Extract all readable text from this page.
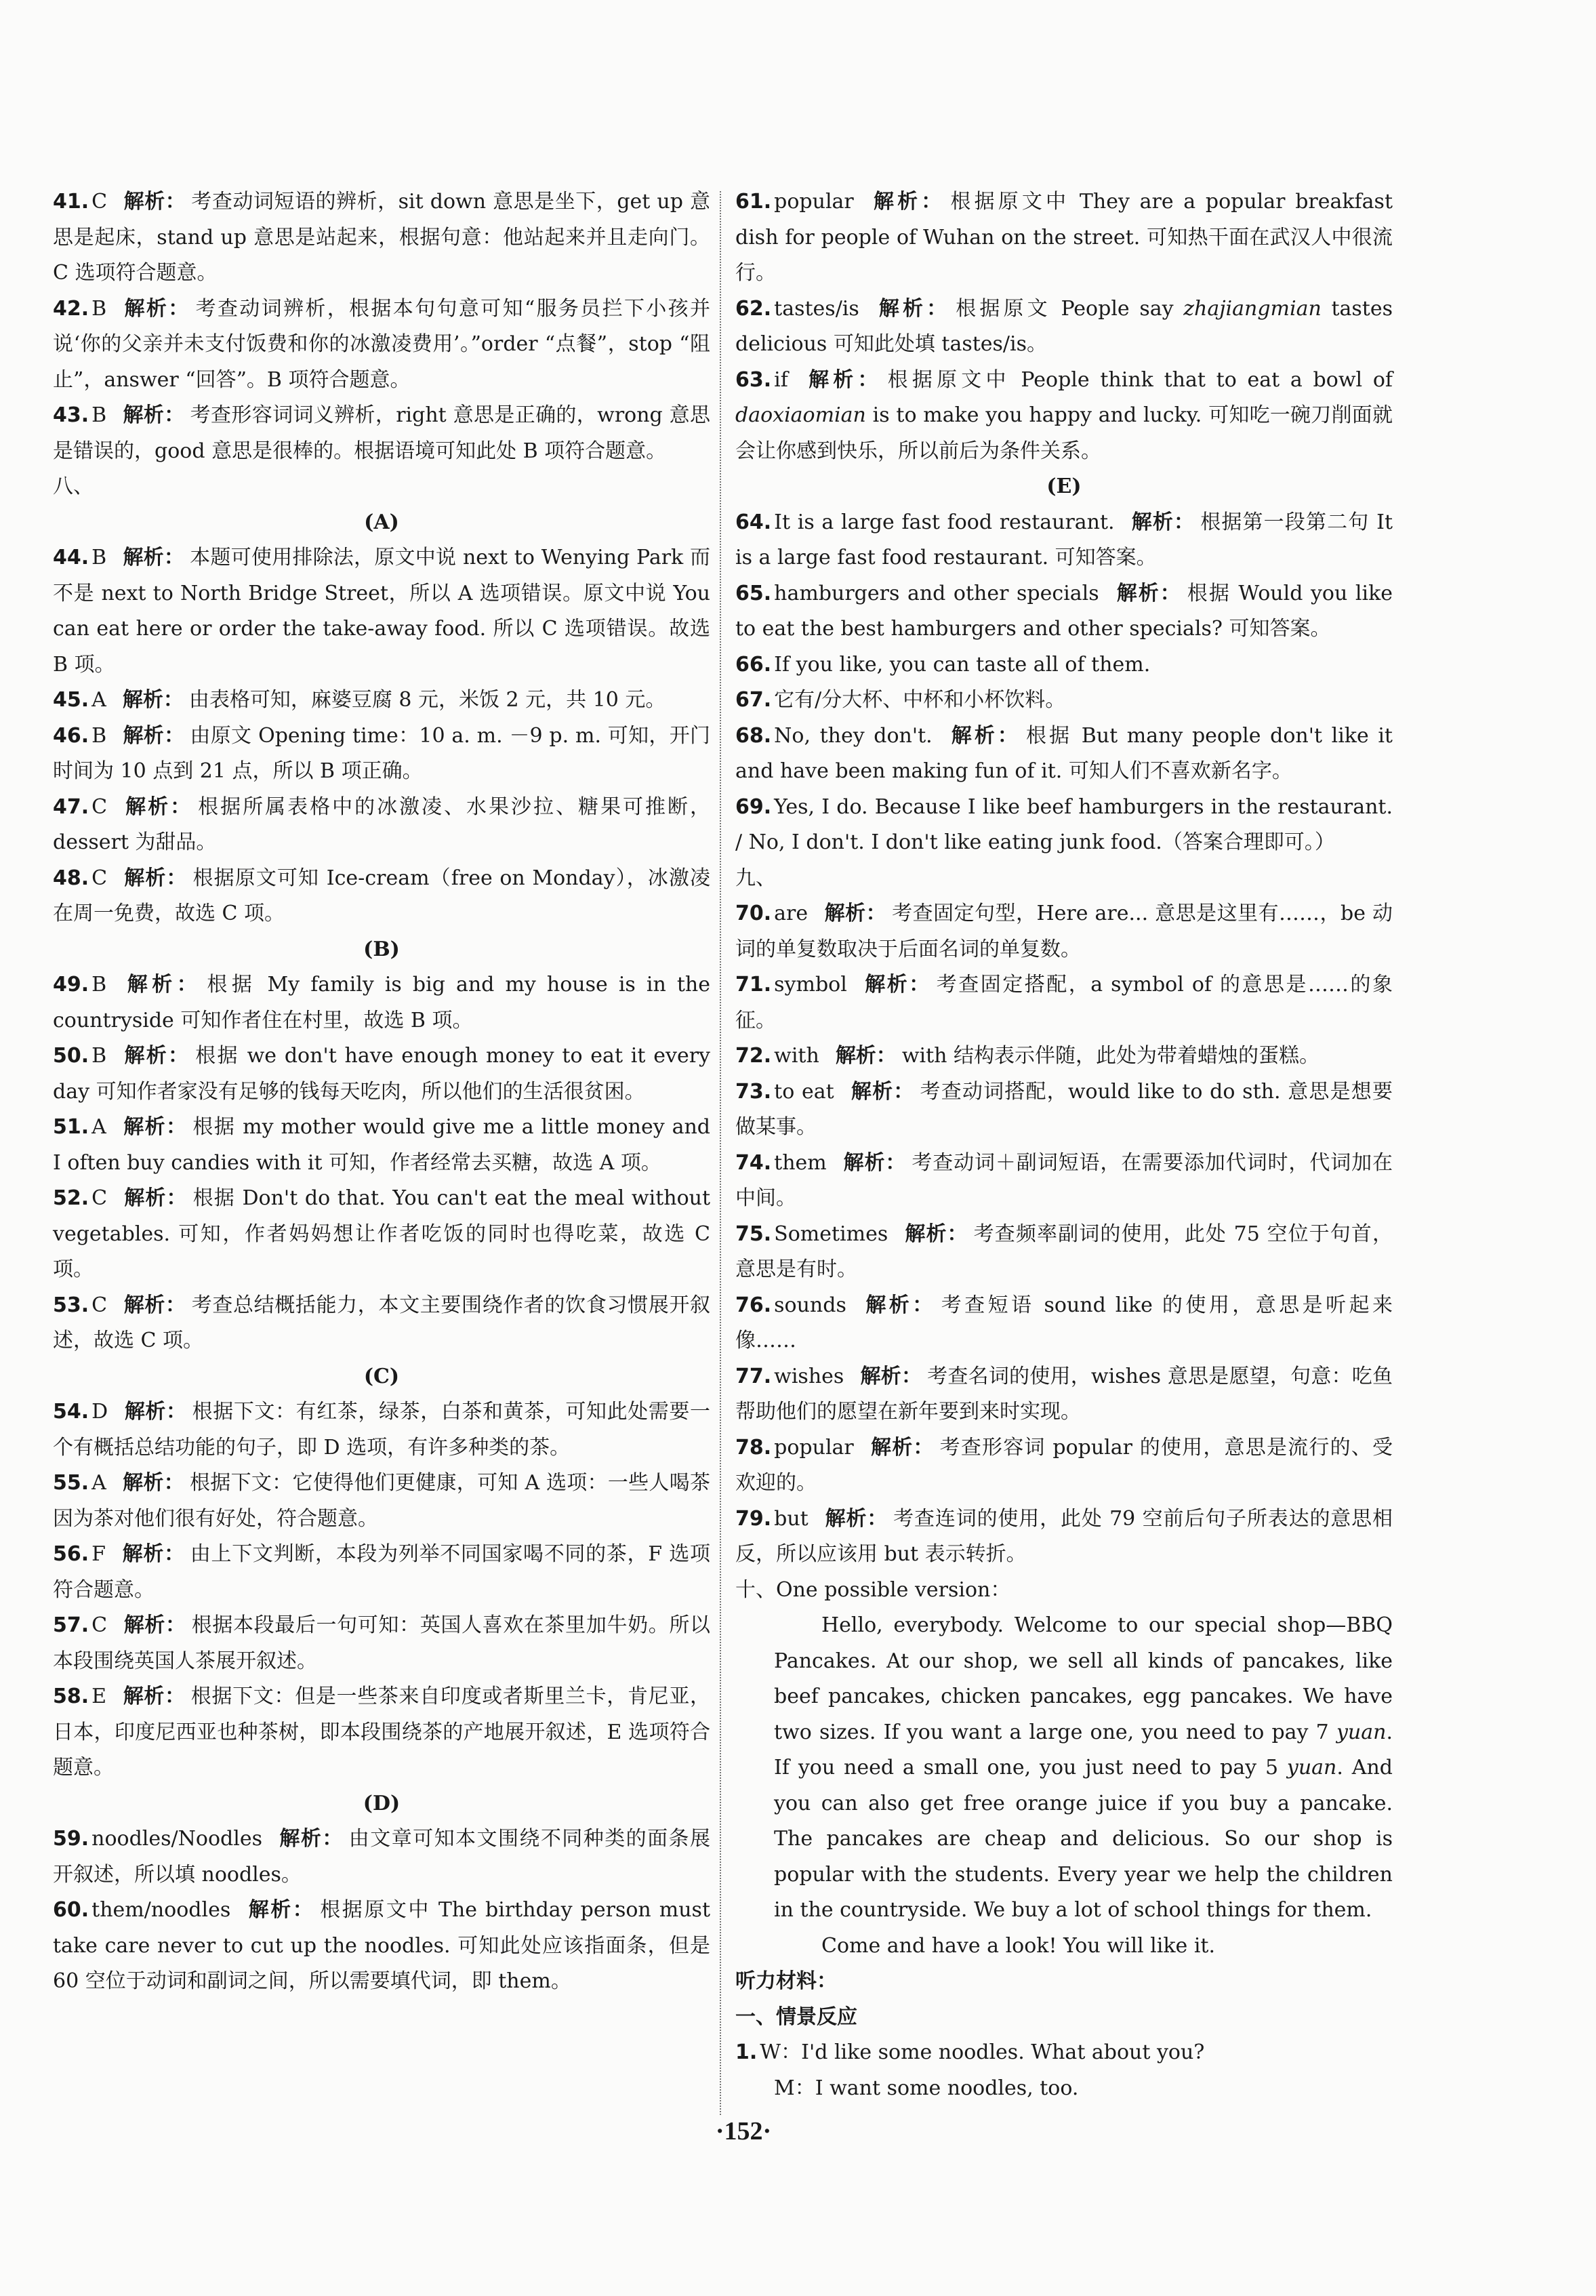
41. C 解析： 考查动词短语的辨析，sit down 意思是坐下，get up 意思是起床，stand up 意思是站起来，根据句意：他站起来并且走向门。C 选项符合题意。
42. B 解析： 考查动词辨析，根据本句句意可知“服务员拦下小孩并说‘你的父亲并未支付饭费和你的冰激凌费用’。”order “点餐”，stop “阻止”，answer “回答”。B 项符合题意。
43. B 解析： 考查形容词词义辨析，right 意思是正确的，wrong 意思是错误的，good 意思是很棒的。根据语境可知此处 B 项符合题意。
八、
(A)
44. B 解析： 本题可使用排除法，原文中说 next to Wenying Park 而不是 next to North Bridge Street，所以 A 选项错误。原文中说 You can eat here or order the take-away food. 所以 C 选项错误。故选 B 项。
45. A 解析： 由表格可知，麻婆豆腐 8 元，米饭 2 元，共 10 元。
46. B 解析： 由原文 Opening time：10 a. m. －9 p. m. 可知，开门时间为 10 点到 21 点，所以 B 项正确。
47. C 解析： 根据所属表格中的冰激凌、水果沙拉、糖果可推断，dessert 为甜品。
48. C 解析： 根据原文可知 Ice-cream（free on Monday），冰激凌在周一免费，故选 C 项。
(B)
49. B 解析： 根据 My family is big and my house is in the countryside 可知作者住在村里，故选 B 项。
50. B 解析： 根据 we don't have enough money to eat it every day 可知作者家没有足够的钱每天吃肉，所以他们的生活很贫困。
51. A 解析： 根据 my mother would give me a little money and I often buy candies with it 可知，作者经常去买糖，故选 A 项。
52. C 解析： 根据 Don't do that. You can't eat the meal without vegetables. 可知，作者妈妈想让作者吃饭的同时也得吃菜，故选 C 项。
53. C 解析： 考查总结概括能力，本文主要围绕作者的饮食习惯展开叙述，故选 C 项。
(C)
54. D 解析： 根据下文：有红茶，绿茶，白茶和黄茶，可知此处需要一个有概括总结功能的句子，即 D 选项，有许多种类的茶。
55. A 解析： 根据下文：它使得他们更健康，可知 A 选项：一些人喝茶因为茶对他们很有好处，符合题意。
56. F 解析： 由上下文判断，本段为列举不同国家喝不同的茶，F 选项符合题意。
57. C 解析： 根据本段最后一句可知：英国人喜欢在茶里加牛奶。所以本段围绕英国人茶展开叙述。
58. E 解析： 根据下文：但是一些茶来自印度或者斯里兰卡，肯尼亚，日本，印度尼西亚也种茶树，即本段围绕茶的产地展开叙述，E 选项符合题意。
(D)
59. noodles/Noodles 解析： 由文章可知本文围绕不同种类的面条展开叙述，所以填 noodles。
60. them/noodles 解析： 根据原文中 The birthday person must take care never to cut up the noodles. 可知此处应该指面条，但是 60 空位于动词和副词之间，所以需要填代词，即 them。
61. popular 解析： 根据原文中 They are a popular breakfast dish for people of Wuhan on the street. 可知热干面在武汉人中很流行。
62. tastes/is 解析： 根据原文 People say zhajiangmian tastes delicious 可知此处填 tastes/is。
63. if 解析： 根据原文中 People think that to eat a bowl of daoxiaomian is to make you happy and lucky. 可知吃一碗刀削面就会让你感到快乐，所以前后为条件关系。
(E)
64. It is a large fast food restaurant. 解析： 根据第一段第二句 It is a large fast food restaurant. 可知答案。
65. hamburgers and other specials 解析： 根据 Would you like to eat the best hamburgers and other specials? 可知答案。
66. If you like, you can taste all of them.
67. 它有/分大杯、中杯和小杯饮料。
68. No, they don't. 解析： 根据 But many people don't like it and have been making fun of it. 可知人们不喜欢新名字。
69. Yes, I do. Because I like beef hamburgers in the restaurant. / No, I don't. I don't like eating junk food.（答案合理即可。）
九、
70. are 解析： 考查固定句型，Here are... 意思是这里有……，be 动词的单复数取决于后面名词的单复数。
71. symbol 解析： 考查固定搭配，a symbol of 的意思是……的象征。
72. with 解析： with 结构表示伴随，此处为带着蜡烛的蛋糕。
73. to eat 解析： 考查动词搭配，would like to do sth. 意思是想要做某事。
74. them 解析： 考查动词＋副词短语，在需要添加代词时，代词加在中间。
75. Sometimes 解析： 考查频率副词的使用，此处 75 空位于句首，意思是有时。
76. sounds 解析： 考查短语 sound like 的使用，意思是听起来像……
77. wishes 解析： 考查名词的使用，wishes 意思是愿望，句意：吃鱼帮助他们的愿望在新年要到来时实现。
78. popular 解析： 考查形容词 popular 的使用，意思是流行的、受欢迎的。
79. but 解析： 考查连词的使用，此处 79 空前后句子所表达的意思相反，所以应该用 but 表示转折。
十、One possible version：
Hello, everybody. Welcome to our special shop—BBQ Pancakes. At our shop, we sell all kinds of pancakes, like beef pancakes, chicken pancakes, egg pancakes. We have two sizes. If you want a large one, you need to pay 7 yuan. If you need a small one, you just need to pay 5 yuan. And you can also get free orange juice if you buy a pancake. The pancakes are cheap and delicious. So our shop is popular with the students. Every year we help the children in the countryside. We buy a lot of school things for them.
Come and have a look! You will like it.
听力材料：
一、情景反应
1. W：I'd like some noodles. What about you?
M：I want some noodles, too.
·152·
